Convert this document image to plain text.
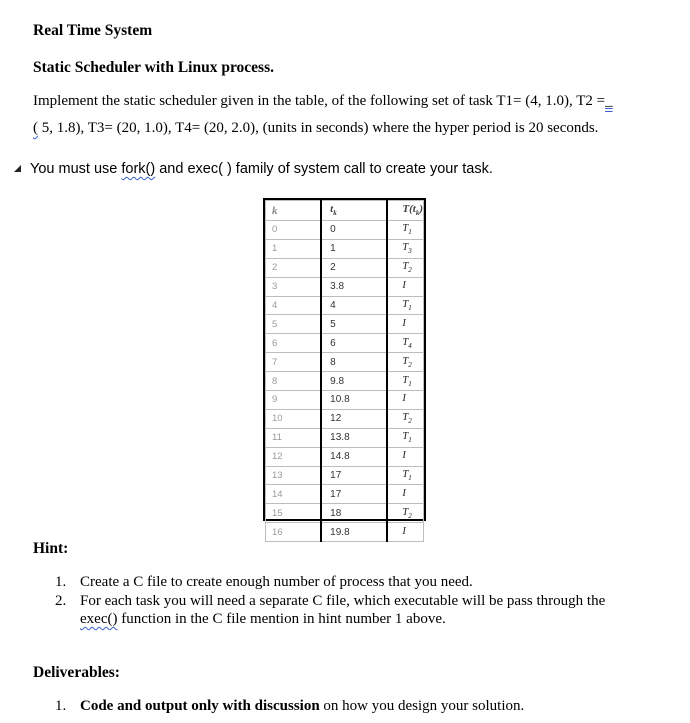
Real Time System
Static Scheduler with Linux process.
Implement the static scheduler given in the table, of the following set of task T1= (4, 1.0), T2 =_
( 5, 1.8), T3= (20, 1.0), T4= (20, 2.0), (units in seconds) where the hyper period is 20 seconds.
You must use fork() and exec( ) family of system call to create your task.
k	$t_k$	$T(t_k)$
0	0	$T_1$
1	1	$T_3$
2	2	$T_2$
3	3.8	I
4	4	$T_1$
5	5	I
6	6	$T_4$
7	8	$T_2$
8	9.8	$T_1$
9	10.8	I
10	12	$T_2$
11	13.8	$T_1$
12	14.8	I
13	17	$T_1$
14	17	I
15	18	$T_2$
16	19.8	I
Hint:
1. Create a C file to create enough number of process that you need.
2. For each task you will need a separate C file, which executable will be pass through the
exec() function in the C file mention in hint number 1 above.
Deliverables:
1. Code and output only with discussion on how you design your solution.
